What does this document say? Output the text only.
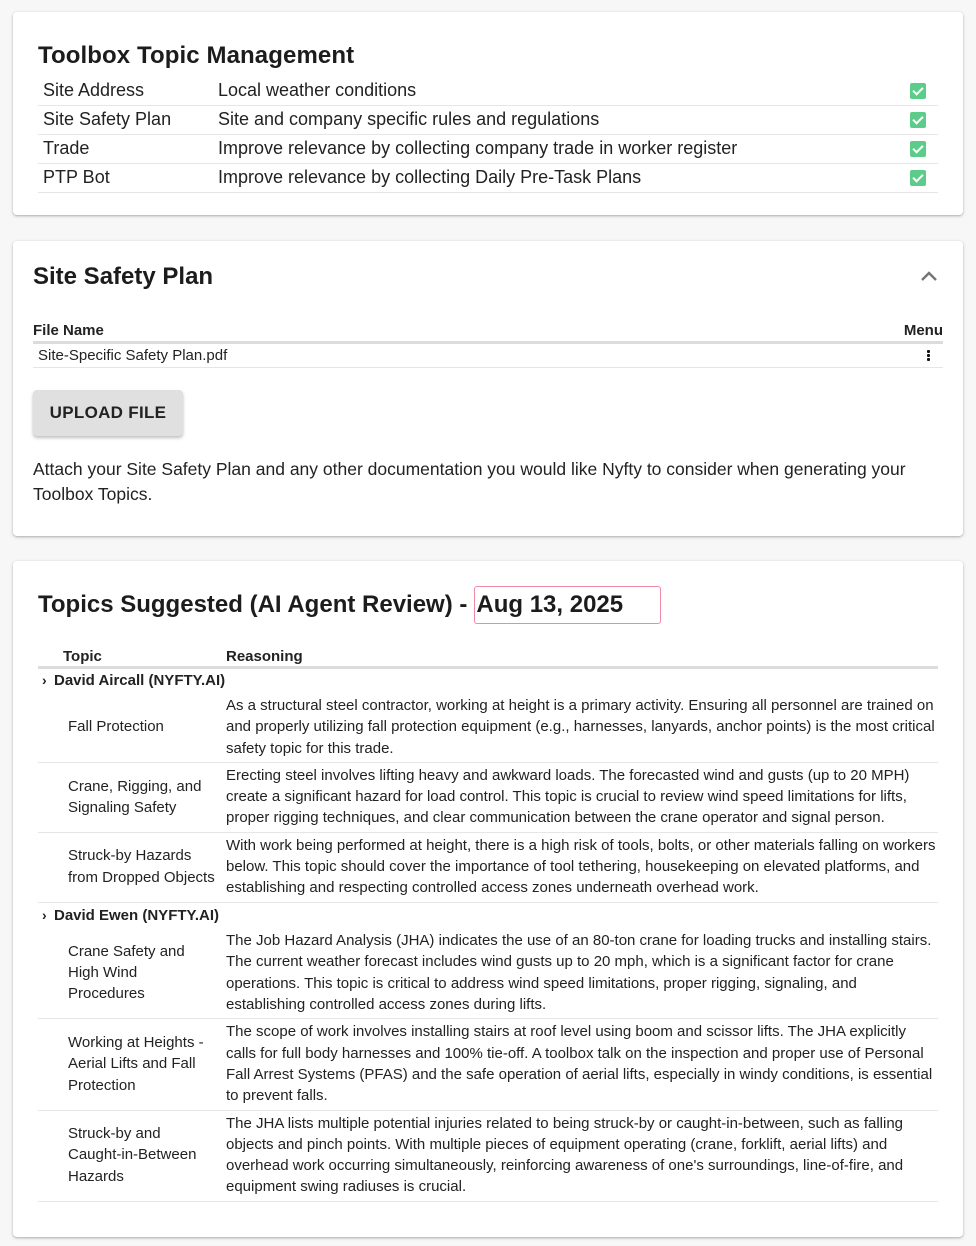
Toolbox Topic Management
Site Address	Local weather conditions	
Site Safety Plan	Site and company specific rules and regulations	
Trade	Improve relevance by collecting company trade in worker register	
PTP Bot	Improve relevance by collecting Daily Pre-Task Plans	
Site Safety Plan
File Name	Menu
Site-Specific Safety Plan.pdf	
UPLOAD FILE
Attach your Site Safety Plan and any other documentation you would like Nyfty to consider when generating your Toolbox Topics.
Topics Suggested (AI Agent Review) -
Aug 13, 2025
Topic	Reasoning
› David Aircall (NYFTY.AI)	
Fall Protection	As a structural steel contractor, working at height is a primary activity. Ensuring all personnel are trained on and properly utilizing fall protection equipment (e.g., harnesses, lanyards, anchor points) is the most critical safety topic for this trade.
Crane, Rigging, and Signaling Safety	Erecting steel involves lifting heavy and awkward loads. The forecasted wind and gusts (up to 20 MPH) create a significant hazard for load control. This topic is crucial to review wind speed limitations for lifts, proper rigging techniques, and clear communication between the crane operator and signal person.
Struck-by Hazards from Dropped Objects	With work being performed at height, there is a high risk of tools, bolts, or other materials falling on workers below. This topic should cover the importance of tool tethering, housekeeping on elevated platforms, and establishing and respecting controlled access zones underneath overhead work.
› David Ewen (NYFTY.AI)	
Crane Safety and High Wind Procedures	The Job Hazard Analysis (JHA) indicates the use of an 80-ton crane for loading trucks and installing stairs. The current weather forecast includes wind gusts up to 20 mph, which is a significant factor for crane operations. This topic is critical to address wind speed limitations, proper rigging, signaling, and establishing controlled access zones during lifts.
Working at Heights - Aerial Lifts and Fall Protection	The scope of work involves installing stairs at roof level using boom and scissor lifts. The JHA explicitly calls for full body harnesses and 100% tie-off. A toolbox talk on the inspection and proper use of Personal Fall Arrest Systems (PFAS) and the safe operation of aerial lifts, especially in windy conditions, is essential to prevent falls.
Struck-by and Caught-in-Between Hazards	The JHA lists multiple potential injuries related to being struck-by or caught-in-between, such as falling objects and pinch points. With multiple pieces of equipment operating (crane, forklift, aerial lifts) and overhead work occurring simultaneously, reinforcing awareness of one's surroundings, line-of-fire, and equipment swing radiuses is crucial.
